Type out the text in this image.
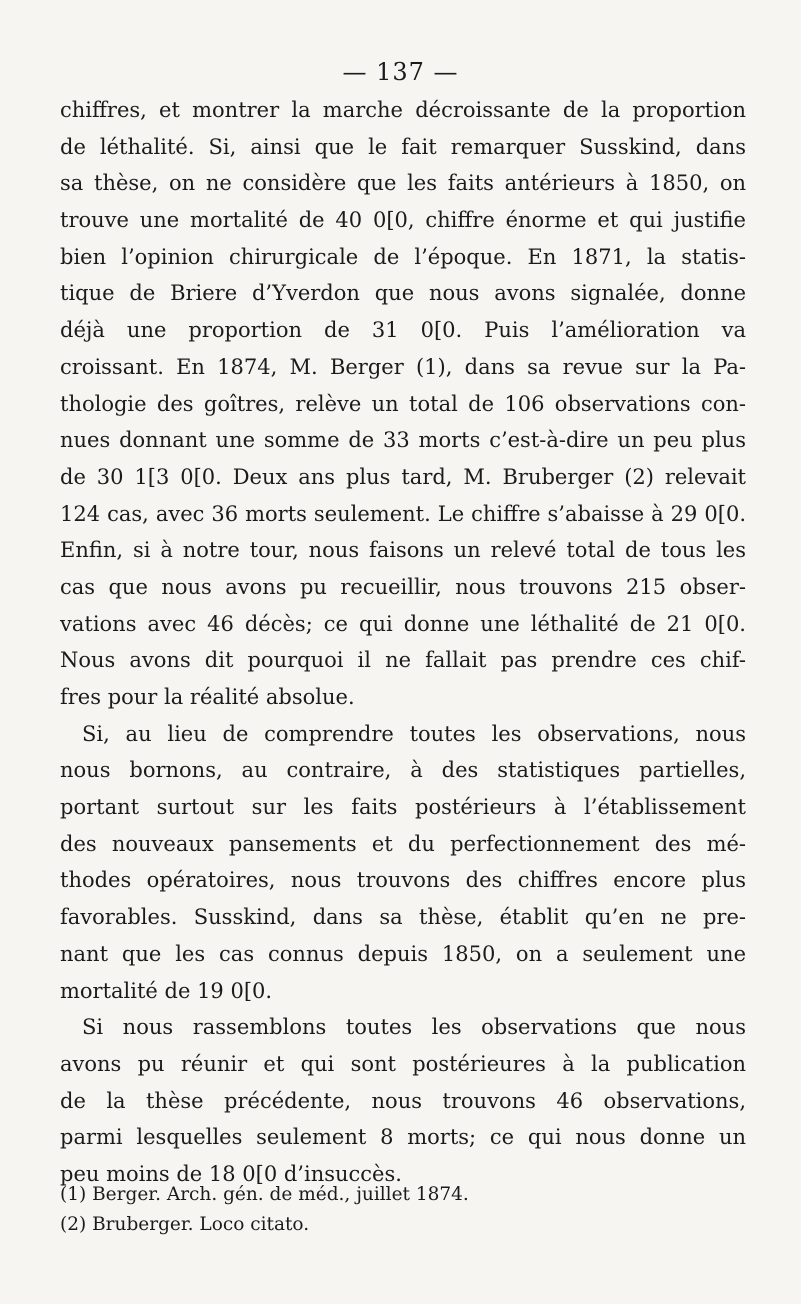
— 137 —
chiffres, et montrer la marche décroissante de la proportion
de léthalité. Si, ainsi que le fait remarquer Susskind, dans
sa thèse, on ne considère que les faits antérieurs à 1850, on
trouve une mortalité de 40 0[0, chiffre énorme et qui justifie
bien l’opinion chirurgicale de l’époque. En 1871, la statis-
tique de Briere d’Yverdon que nous avons signalée, donne
déjà une proportion de 31 0[0. Puis l’amélioration va
croissant. En 1874, M. Berger (1), dans sa revue sur la Pa-
thologie des goîtres, relève un total de 106 observations con-
nues donnant une somme de 33 morts c’est-à-dire un peu plus
de 30 1[3 0[0. Deux ans plus tard, M. Bruberger (2) relevait
124 cas, avec 36 morts seulement. Le chiffre s’abaisse à 29 0[0.
Enfin, si à notre tour, nous faisons un relevé total de tous les
cas que nous avons pu recueillir, nous trouvons 215 obser-
vations avec 46 décès; ce qui donne une léthalité de 21 0[0.
Nous avons dit pourquoi il ne fallait pas prendre ces chif-
fres pour la réalité absolue.
Si, au lieu de comprendre toutes les observations, nous
nous bornons, au contraire, à des statistiques partielles,
portant surtout sur les faits postérieurs à l’établissement
des nouveaux pansements et du perfectionnement des mé-
thodes opératoires, nous trouvons des chiffres encore plus
favorables. Susskind, dans sa thèse, établit qu’en ne pre-
nant que les cas connus depuis 1850, on a seulement une
mortalité de 19 0[0.
Si nous rassemblons toutes les observations que nous
avons pu réunir et qui sont postérieures à la publication
de la thèse précédente, nous trouvons 46 observations,
parmi lesquelles seulement 8 morts; ce qui nous donne un
peu moins de 18 0[0 d’insuccès.
(1) Berger. Arch. gén. de méd., juillet 1874.
(2) Bruberger. Loco citato.
